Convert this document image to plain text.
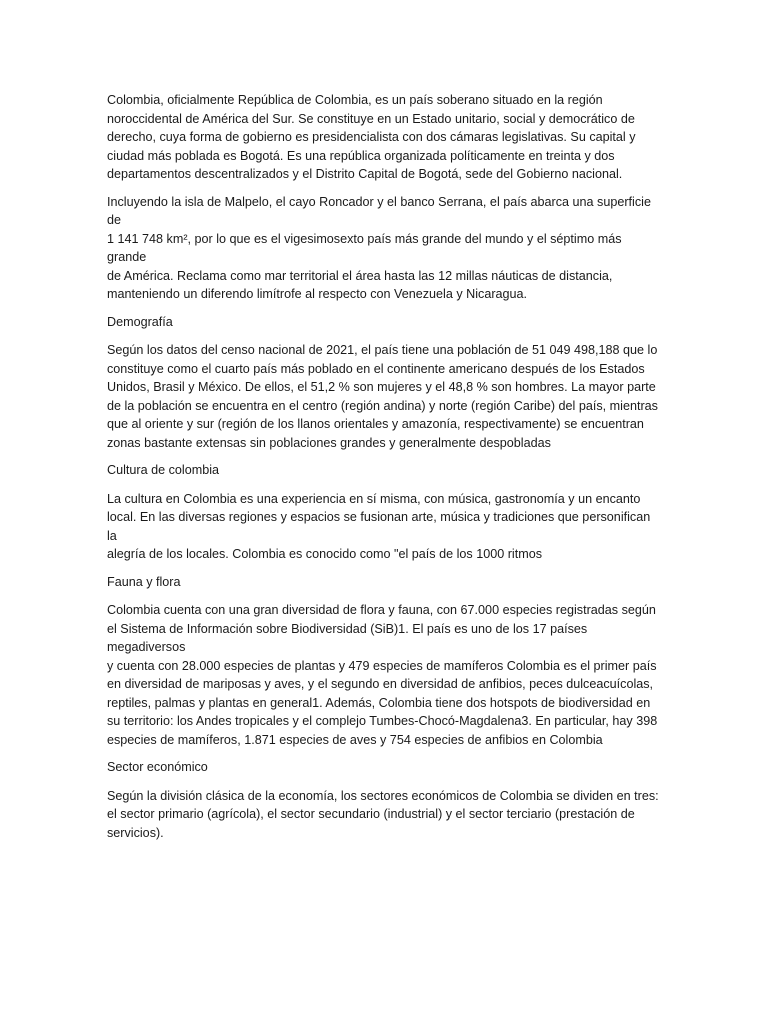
Colombia, oficialmente República de Colombia, es un país soberano situado en la región
noroccidental de América del Sur. Se constituye en un Estado unitario, social y democrático de
derecho, cuya forma de gobierno es presidencialista con dos cámaras legislativas. Su capital y
ciudad más poblada es Bogotá. Es una república organizada políticamente en treinta y dos
departamentos descentralizados y el Distrito Capital de Bogotá, sede del Gobierno nacional.

Incluyendo la isla de Malpelo, el cayo Roncador y el banco Serrana, el país abarca una superficie de
1 141 748 km², por lo que es el vigesimosexto país más grande del mundo y el séptimo más grande
de América. Reclama como mar territorial el área hasta las 12 millas náuticas de distancia,
manteniendo un diferendo limítrofe al respecto con Venezuela y Nicaragua.

Demografía

Según los datos del censo nacional de 2021, el país tiene una población de 51 049 498,188 que lo
constituye como el cuarto país más poblado en el continente americano después de los Estados
Unidos, Brasil y México. De ellos, el 51,2 % son mujeres y el 48,8 % son hombres. La mayor parte
de la población se encuentra en el centro (región andina) y norte (región Caribe) del país, mientras
que al oriente y sur (región de los llanos orientales y amazonía, respectivamente) se encuentran
zonas bastante extensas sin poblaciones grandes y generalmente despobladas

Cultura de colombia

La cultura en Colombia es una experiencia en sí misma, con música, gastronomía y un encanto
local. En las diversas regiones y espacios se fusionan arte, música y tradiciones que personifican la
alegría de los locales. Colombia es conocido como "el país de los 1000 ritmos

Fauna y flora

Colombia cuenta con una gran diversidad de flora y fauna, con 67.000 especies registradas según
el Sistema de Información sobre Biodiversidad (SiB)1. El país es uno de los 17 países megadiversos
y cuenta con 28.000 especies de plantas y 479 especies de mamíferos Colombia es el primer país
en diversidad de mariposas y aves, y el segundo en diversidad de anfibios, peces dulceacuícolas,
reptiles, palmas y plantas en general1. Además, Colombia tiene dos hotspots de biodiversidad en
su territorio: los Andes tropicales y el complejo Tumbes-Chocó-Magdalena3. En particular, hay 398
especies de mamíferos, 1.871 especies de aves y 754 especies de anfibios en Colombia

Sector económico

Según la división clásica de la economía, los sectores económicos de Colombia se dividen en tres:
el sector primario (agrícola), el sector secundario (industrial) y el sector terciario (prestación de
servicios).
